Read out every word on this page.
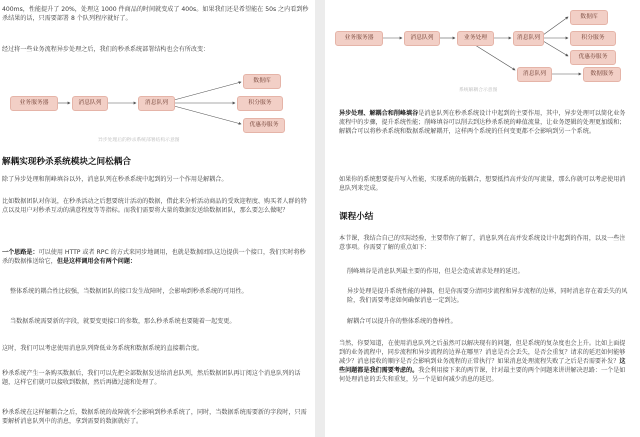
400ms，性能提升了 20%，处理这 1000 件商品的时间就变成了 400s。如果我们还是希望能在 50s 之内看到秒杀结果的话，只需要部署 8 个队列程序就好了。
经过将一些业务流程异步处理之后，我们的秒杀系统部署结构也会有所改变：
业务服务器	消息队列	消息队列
数据库
积分服务
优惠券服务
异步处理后的秒杀系统部署结构示意图
解耦实现秒杀系统模块之间松耦合
除了异步处理和削峰填谷以外，消息队列在秒杀系统中起到的另一个作用是解耦合。
比如数据团队对你说，在秒杀活动之后想要统计活动的数据，借此来分析活动商品的受欢迎程度、购买者人群的特点以及用户对秒杀互动的满意程度等等指标。而我们需要将大量的数据发送给数据团队，那么要怎么做呢？
一个思路是：可以使用 HTTP 或者 RPC 的方式来同步地调用，也就是数据团队这边提供一个接口，我们实时将秒杀的数据推送给它，但是这样调用会有两个问题：
整体系统的耦合性比较强，当数据团队的接口发生故障时，会影响到秒杀系统的可用性。
当数据系统需要新的字段，就要变更接口的参数，那么秒杀系统也要随着一起变更。
这时，我们可以考虑使用消息队列降低业务系统和数据系统的直接耦合度。
秒杀系统产生一条购买数据后，我们可以先把全部数据发送给消息队列，然后数据团队再订阅这个消息队列的话题，这样它们就可以接收到数据，然后再做过滤和处理了。
秒杀系统在这样解耦合之后，数据系统的故障就不会影响到秒杀系统了，同时，当数据系统需要新的字段时，只需要解析消息队列中的消息，拿到需要的数据就好了。
业务服务器	消息队列	业务处理	消息队列
数据库
积分服务
优惠券服务
消息队列	数据服务
系统解耦合示意图
异步处理、解耦合和削峰填谷是消息队列在秒杀系统设计中起到的主要作用，其中，异步处理可以简化业务流程中的步骤，提升系统性能；削峰填谷可以削去到达秒杀系统的峰值流量，让业务逻辑的处理更加缓和；解耦合可以将秒杀系统和数据系统解耦开，这样两个系统的任何变更都不会影响到另一个系统。
如果你的系统想要提升写入性能，实现系统的低耦合，想要抵挡高并发的写流量，那么你就可以考虑使用消息队列来完成。
课程小结
本节课，我结合自己的实际经验，主要带你了解了，消息队列在高并发系统设计中起到的作用，以及一些注意事项。你需要了解的重点如下：
削峰填谷是消息队列最主要的作用，但是会造成请求处理的延迟。
异步处理是提升系统性能的神器，但是你需要分清同步流程和异步流程的边界，同时消息存在着丢失的风险，我们需要考虑如何确保消息一定到达。
解耦合可以提升你的整体系统的鲁棒性。
当然，你要知道，在使用消息队列之后虽然可以解决现有的问题，但是系统的复杂度也会上升。比如上面提到的业务流程中，同步流程和异步流程的边界在哪里？消息是否会丢失，是否会重复？请求的延迟如何能够减少？消息接收的顺序是否会影响到业务流程的正常执行？如果消息处理流程失败了之后是否需要补发？这些问题都是我们需要考虑的。我会利用接下来的两节课，针对最主要的两个问题来讲讲解决思路：一个是如何处理消息的丢失和重复，另一个是如何减少消息的延迟。
